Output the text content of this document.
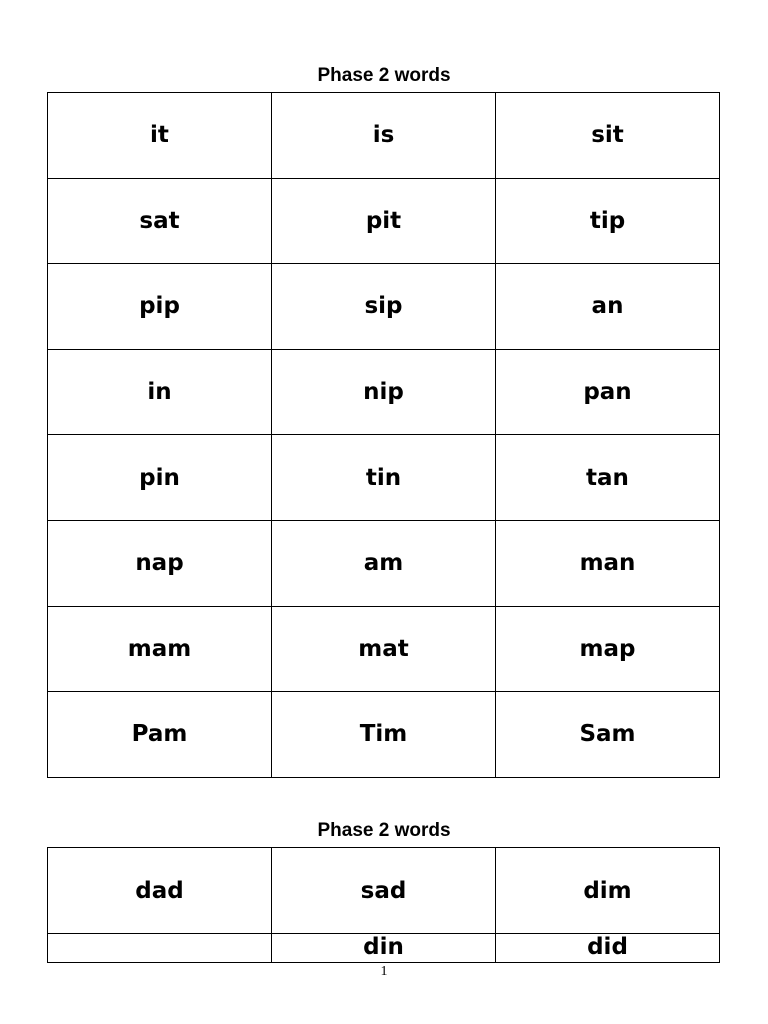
Phase 2 words
it	is	sit
sat	pit	tip
pip	sip	an
in	nip	pan
pin	tin	tan
nap	am	man
mam	mat	map
Pam	Tim	Sam
Phase 2 words
dad	sad	dim
	din	did
1
